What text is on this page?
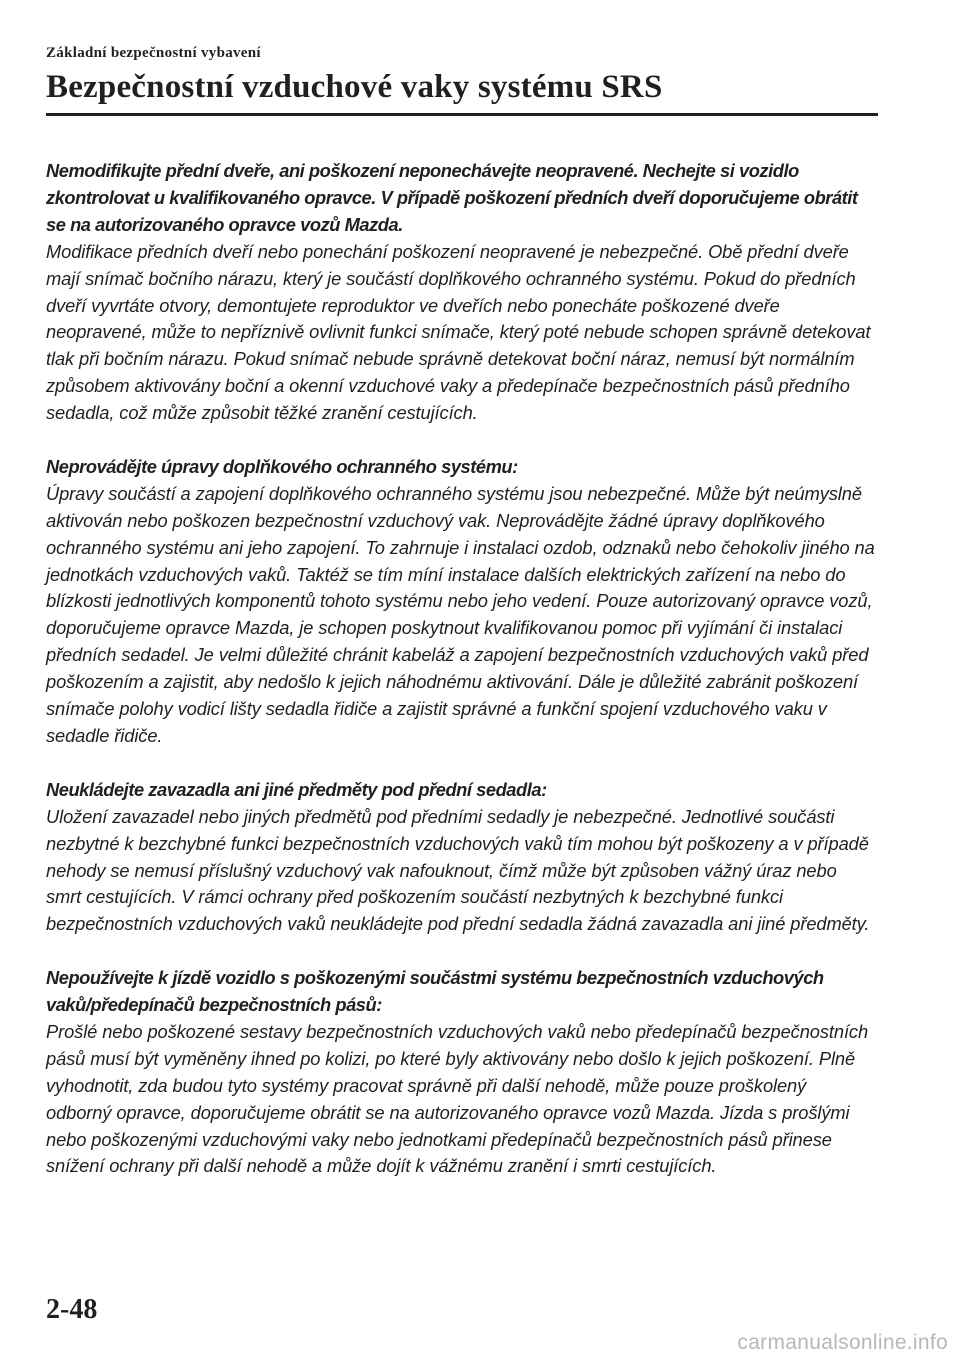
Základní bezpečnostní vybavení

Bezpečnostní vzduchové vaky systému SRS

Nemodifikujte přední dveře, ani poškození neponechávejte neopravené. Nechejte si vozidlo zkontrolovat u kvalifikovaného opravce. V případě poškození předních dveří doporučujeme obrátit se na autorizovaného opravce vozů Mazda.

Modifikace předních dveří nebo ponechání poškození neopravené je nebezpečné. Obě přední dveře mají snímač bočního nárazu, který je součástí doplňkového ochranného systému. Pokud do předních dveří vyvrtáte otvory, demontujete reproduktor ve dveřích nebo ponecháte poškozené dveře neopravené, může to nepříznivě ovlivnit funkci snímače, který poté nebude schopen správně detekovat tlak při bočním nárazu. Pokud snímač nebude správně detekovat boční náraz, nemusí být normálním způsobem aktivovány boční a okenní vzduchové vaky a předepínače bezpečnostních pásů předního sedadla, což může způsobit těžké zranění cestujících.

Neprovádějte úpravy doplňkového ochranného systému:

Úpravy součástí a zapojení doplňkového ochranného systému jsou nebezpečné. Může být neúmyslně aktivován nebo poškozen bezpečnostní vzduchový vak. Neprovádějte žádné úpravy doplňkového ochranného systému ani jeho zapojení. To zahrnuje i instalaci ozdob, odznaků nebo čehokoliv jiného na jednotkách vzduchových vaků. Taktéž se tím míní instalace dalších elektrických zařízení na nebo do blízkosti jednotlivých komponentů tohoto systému nebo jeho vedení. Pouze autorizovaný opravce vozů, doporučujeme opravce Mazda, je schopen poskytnout kvalifikovanou pomoc při vyjímání či instalaci předních sedadel. Je velmi důležité chránit kabeláž a zapojení bezpečnostních vzduchových vaků před poškozením a zajistit, aby nedošlo k jejich náhodnému aktivování. Dále je důležité zabránit poškození snímače polohy vodicí lišty sedadla řidiče a zajistit správné a funkční spojení vzduchového vaku v sedadle řidiče.

Neukládejte zavazadla ani jiné předměty pod přední sedadla:

Uložení zavazadel nebo jiných předmětů pod předními sedadly je nebezpečné. Jednotlivé součásti nezbytné k bezchybné funkci bezpečnostních vzduchových vaků tím mohou být poškozeny a v případě nehody se nemusí příslušný vzduchový vak nafouknout, čímž může být způsoben vážný úraz nebo smrt cestujících. V rámci ochrany před poškozením součástí nezbytných k bezchybné funkci bezpečnostních vzduchových vaků neukládejte pod přední sedadla žádná zavazadla ani jiné předměty.

Nepoužívejte k jízdě vozidlo s poškozenými součástmi systému bezpečnostních vzduchových vaků/předepínačů bezpečnostních pásů:

Prošlé nebo poškozené sestavy bezpečnostních vzduchových vaků nebo předepínačů bezpečnostních pásů musí být vyměněny ihned po kolizi, po které byly aktivovány nebo došlo k jejich poškození. Plně vyhodnotit, zda budou tyto systémy pracovat správně při další nehodě, může pouze proškolený odborný opravce, doporučujeme obrátit se na autorizovaného opravce vozů Mazda. Jízda s prošlými nebo poškozenými vzduchovými vaky nebo jednotkami předepínačů bezpečnostních pásů přinese snížení ochrany při další nehodě a může dojít k vážnému zranění i smrti cestujících.

2-48
carmanualsonline.info
